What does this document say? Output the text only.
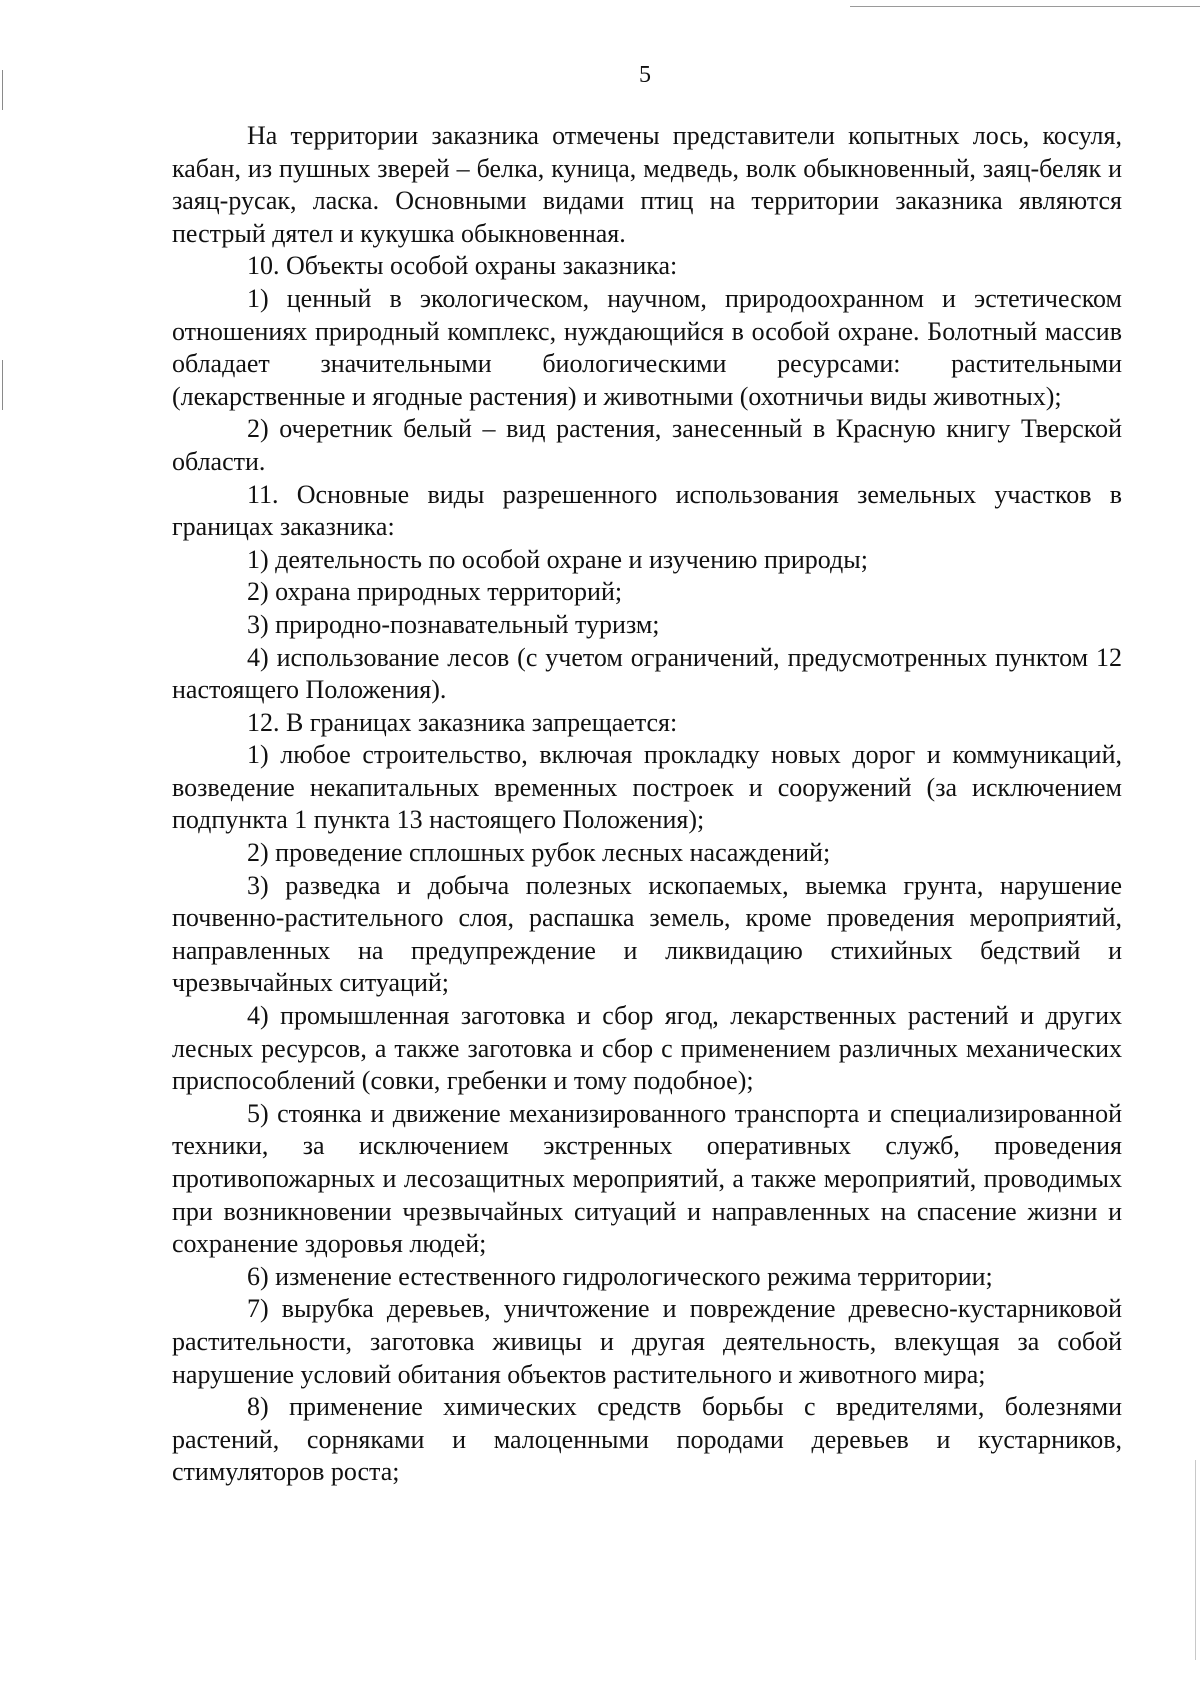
5

На территории заказника отмечены представители копытных лось, косуля, кабан, из пушных зверей – белка, куница, медведь, волк обыкновенный, заяц-беляк и заяц-русак, ласка. Основными видами птиц на территории заказника являются пестрый дятел и кукушка обыкновенная.

10. Объекты особой охраны заказника:

1) ценный в экологическом, научном, природоохранном и эстетическом отношениях природный комплекс, нуждающийся в особой охране. Болотный массив обладает значительными биологическими ресурсами: растительными (лекарственные и ягодные растения) и животными (охотничьи виды животных);

2) очеретник белый – вид растения, занесенный в Красную книгу Тверской области.

11. Основные виды разрешенного использования земельных участков в границах заказника:

1) деятельность по особой охране и изучению природы;

2) охрана природных территорий;

3) природно-познавательный туризм;

4) использование лесов (с учетом ограничений, предусмотренных пунктом 12 настоящего Положения).

12. В границах заказника запрещается:

1) любое строительство, включая прокладку новых дорог и коммуникаций, возведение некапитальных временных построек и сооружений (за исключением подпункта 1 пункта 13 настоящего Положения);

2) проведение сплошных рубок лесных насаждений;

3) разведка и добыча полезных ископаемых, выемка грунта, нарушение почвенно-растительного слоя, распашка земель, кроме проведения мероприятий, направленных на предупреждение и ликвидацию стихийных бедствий и чрезвычайных ситуаций;

4) промышленная заготовка и сбор ягод, лекарственных растений и других лесных ресурсов, а также заготовка и сбор с применением различных механических приспособлений (совки, гребенки и тому подобное);

5) стоянка и движение механизированного транспорта и специализированной техники, за исключением экстренных оперативных служб, проведения противопожарных и лесозащитных мероприятий, а также мероприятий, проводимых при возникновении чрезвычайных ситуаций и направленных на спасение жизни и сохранение здоровья людей;

6) изменение естественного гидрологического режима территории;

7) вырубка деревьев, уничтожение и повреждение древесно-кустарниковой растительности, заготовка живицы и другая деятельность, влекущая за собой нарушение условий обитания объектов растительного и животного мира;

8) применение химических средств борьбы с вредителями, болезнями растений, сорняками и малоценными породами деревьев и кустарников, стимуляторов роста;
